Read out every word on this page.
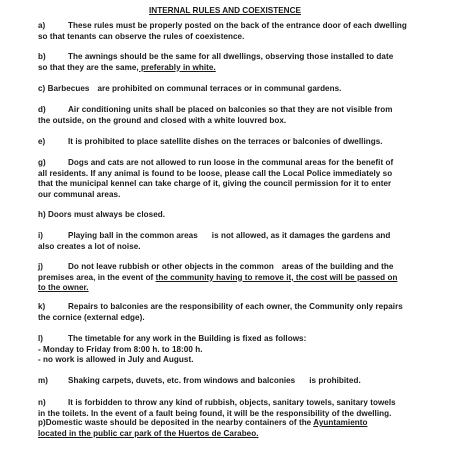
INTERNAL RULES AND COEXISTENCE
a)	These rules must be properly posted on the back of the entrance door of each dwelling
so that tenants can observe the rules of coexistence.
b)	The awnings should be the same for all dwellings, observing those installed to date
so that they are the same, preferably in white.
c) Barbecues are prohibited on communal terraces or in communal gardens.
d)	Air conditioning units shall be placed on balconies so that they are not visible from
the outside, on the ground and closed with a white louvred box.
e)	It is prohibited to place satellite dishes on the terraces or balconies of dwellings.
g)	Dogs and cats are not allowed to run loose in the communal areas for the benefit of
all residents. If any animal is found to be loose, please call the Local Police immediately so
that the municipal kennel can take charge of it, giving the council permission for it to enter
our communal areas.
h) Doors must always be closed.
i)	Playing ball in the common areas is not allowed, as it damages the gardens and
also creates a lot of noise.
j)	Do not leave rubbish or other objects in the common areas of the building and the
premises area, in the event of the community having to remove it, the cost will be passed on
to the owner.
k)	Repairs to balconies are the responsibility of each owner, the Community only repairs
the cornice (external edge).
l)	The timetable for any work in the Building is fixed as follows:
- Monday to Friday from 8:00 h. to 18:00 h.
- no work is allowed in July and August.
m) Shaking carpets, duvets, etc. from windows and balconies is prohibited.
n)	It is forbidden to throw any kind of rubbish, objects, sanitary towels, sanitary towels
in the toilets. In the event of a fault being found, it will be the responsibility of the dwelling.
p)Domestic waste should be deposited in the nearby containers of the Ayuntamiento
located in the public car park of the Huertos de Carabeo.
